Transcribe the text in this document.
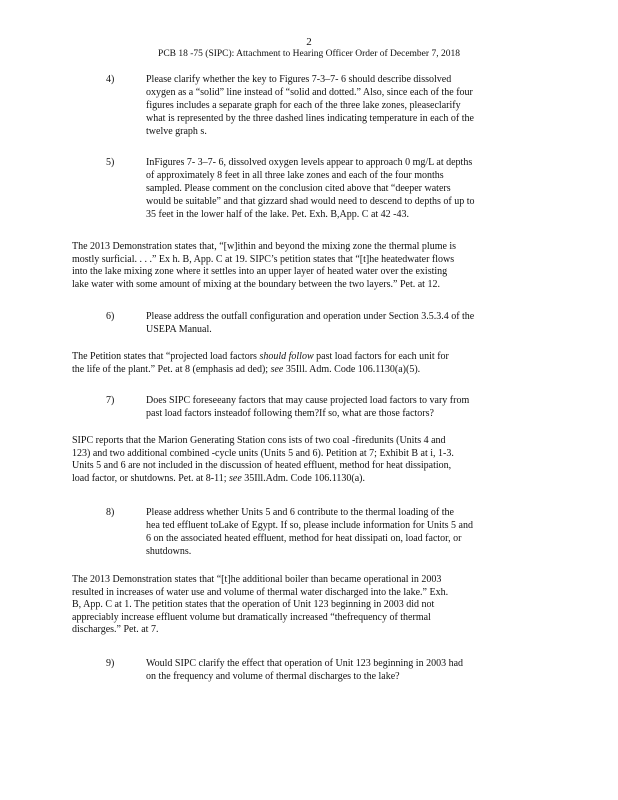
2
PCB 18 -75 (SIPC): Attachment to Hearing Officer Order of December 7, 2018
4)	Please clarify whether the key to Figures 7-3–7- 6 should describe dissolved
oxygen as a “solid” line instead of “solid and dotted.” Also, since each of the four
figures includes a separate graph for each of the three lake zones, pleaseclarify
what is represented by the three dashed lines indicating temperature in each of the
twelve graph s.
5)	InFigures 7- 3–7- 6, dissolved oxygen levels appear to approach 0 mg/L at depths
of approximately 8 feet in all three lake zones and each of the four months
sampled. Please comment on the conclusion cited above that “deeper waters
would be suitable” and that gizzard shad would need to descend to depths of up to
35 feet in the lower half of the lake. Pet. Exh. B,App. C at 42 -43.
The 2013 Demonstration states that, “[w]ithin and beyond the mixing zone the thermal plume is
mostly surficial. . . .” Ex h. B, App. C at 19. SIPC’s petition states that “[t]he heatedwater flows
into the lake mixing zone where it settles into an upper layer of heated water over the existing
lake water with some amount of mixing at the boundary between the two layers.” Pet. at 12.
6)	Please address the outfall configuration and operation under Section 3.5.3.4 of the
USEPA Manual.
The Petition states that “projected load factors should follow past load factors for each unit for
the life of the plant.” Pet. at 8 (emphasis ad ded); see 35Ill. Adm. Code 106.1130(a)(5).
7)	Does SIPC foreseeany factors that may cause projected load factors to vary from
past load factors insteadof following them?If so, what are those factors?
SIPC reports that the Marion Generating Station cons ists of two coal -firedunits (Units 4 and
123) and two additional combined -cycle units (Units 5 and 6). Petition at 7; Exhibit B at i, 1-3.
Units 5 and 6 are not included in the discussion of heated effluent, method for heat dissipation,
load factor, or shutdowns. Pet. at 8-11; see 35Ill.Adm. Code 106.1130(a).
8)	Please address whether Units 5 and 6 contribute to the thermal loading of the
hea ted effluent toLake of Egypt. If so, please include information for Units 5 and
6 on the associated heated effluent, method for heat dissipati on, load factor, or
shutdowns.
The 2013 Demonstration states that “[t]he additional boiler than became operational in 2003
resulted in increases of water use and volume of thermal water discharged into the lake.” Exh.
B, App. C at 1. The petition states that the operation of Unit 123 beginning in 2003 did not
appreciably increase effluent volume but dramatically increased “thefrequency of thermal
discharges.” Pet. at 7.
9)	Would SIPC clarify the effect that operation of Unit 123 beginning in 2003 had
on the frequency and volume of thermal discharges to the lake?
